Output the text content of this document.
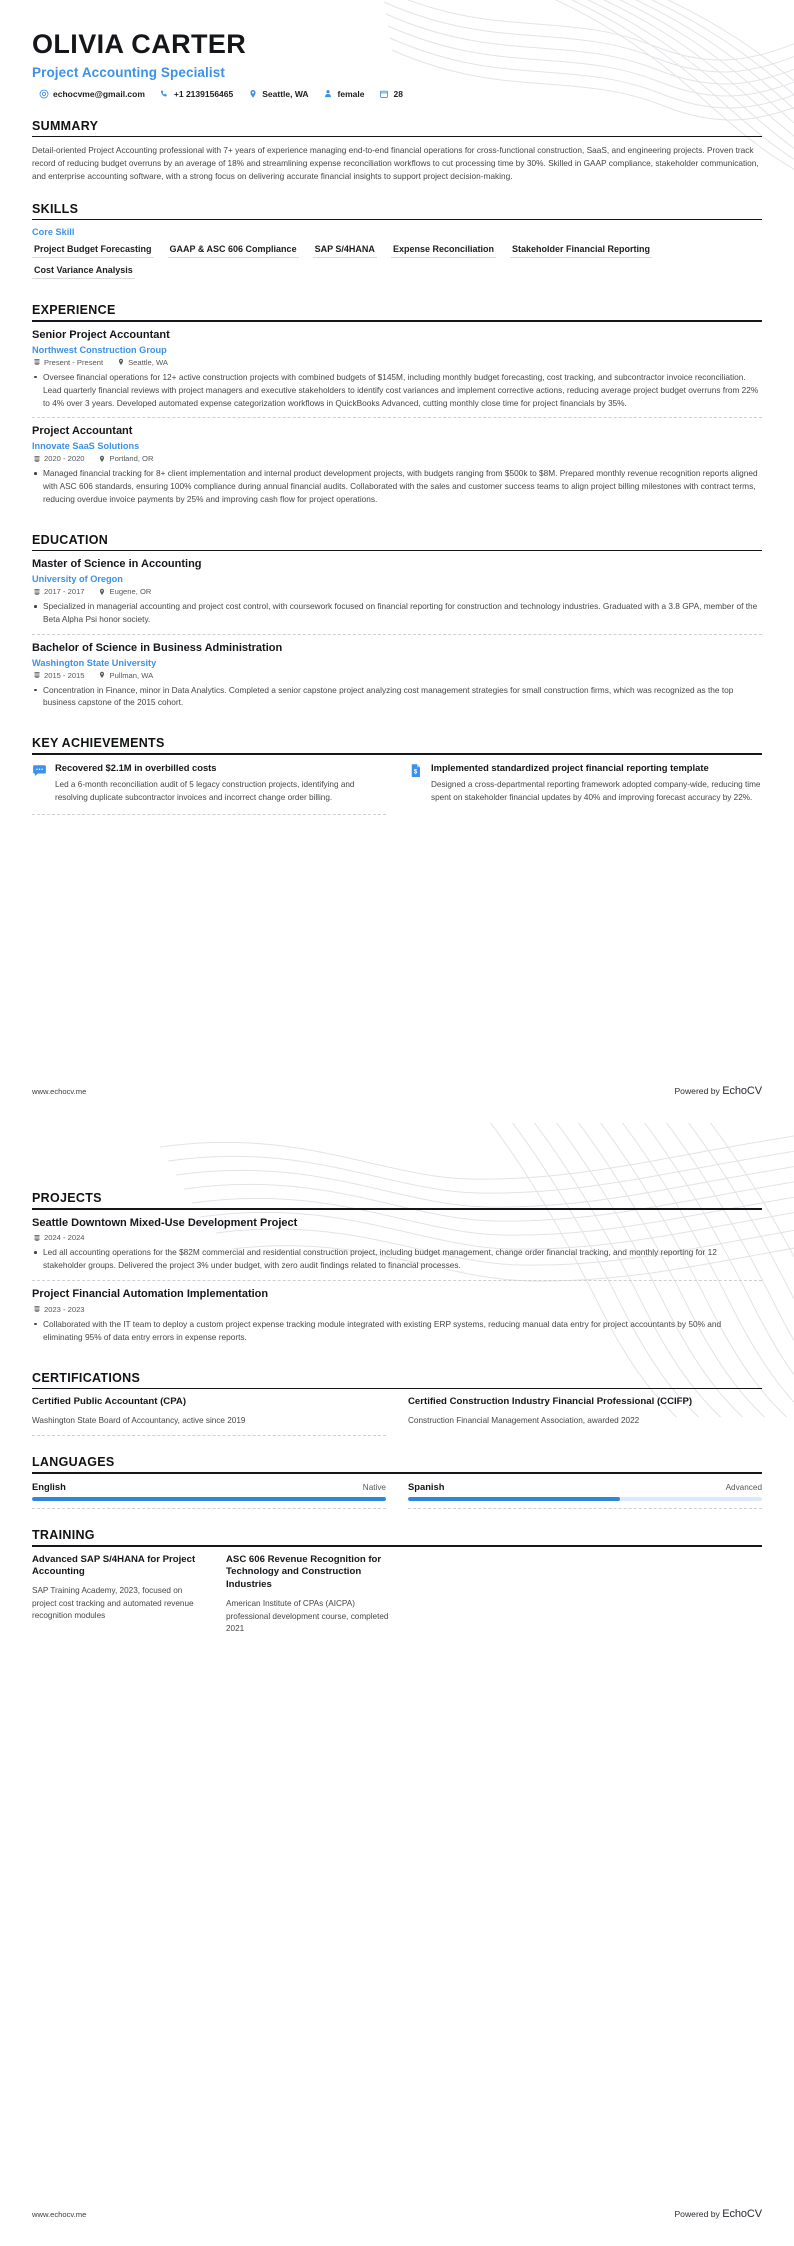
OLIVIA CARTER
Project Accounting Specialist
echocvme@gmail.com	+1 2139156465	Seattle, WA	female	28
SUMMARY
Detail-oriented Project Accounting professional with 7+ years of experience managing end-to-end financial operations for cross-functional construction, SaaS, and engineering projects. Proven track record of reducing budget overruns by an average of 18% and streamlining expense reconciliation workflows to cut processing time by 30%. Skilled in GAAP compliance, stakeholder communication, and enterprise accounting software, with a strong focus on delivering accurate financial insights to support project decision-making.
SKILLS
Core Skill
Project Budget Forecasting GAAP & ASC 606 Compliance SAP S/4HANA Expense Reconciliation Stakeholder Financial Reporting
Cost Variance Analysis
EXPERIENCE
Senior Project Accountant
Northwest Construction Group
Present - Present	Seattle, WA
Oversee financial operations for 12+ active construction projects with combined budgets of $145M, including monthly budget forecasting, cost tracking, and subcontractor invoice reconciliation. Lead quarterly financial reviews with project managers and executive stakeholders to identify cost variances and implement corrective actions, reducing average project budget overruns from 22% to 4% over 3 years. Developed automated expense categorization workflows in QuickBooks Advanced, cutting monthly close time for project financials by 35%.
Project Accountant
Innovate SaaS Solutions
2020 - 2020	Portland, OR
Managed financial tracking for 8+ client implementation and internal product development projects, with budgets ranging from $500k to $8M. Prepared monthly revenue recognition reports aligned with ASC 606 standards, ensuring 100% compliance during annual financial audits. Collaborated with the sales and customer success teams to align project billing milestones with contract terms, reducing overdue invoice payments by 25% and improving cash flow for project operations.
EDUCATION
Master of Science in Accounting
University of Oregon
2017 - 2017	Eugene, OR
Specialized in managerial accounting and project cost control, with coursework focused on financial reporting for construction and technology industries. Graduated with a 3.8 GPA, member of the Beta Alpha Psi honor society.
Bachelor of Science in Business Administration
Washington State University
2015 - 2015	Pullman, WA
Concentration in Finance, minor in Data Analytics. Completed a senior capstone project analyzing cost management strategies for small construction firms, which was recognized as the top business capstone of the 2015 cohort.
KEY ACHIEVEMENTS
Recovered $2.1M in overbilled costs
Led a 6-month reconciliation audit of 5 legacy construction projects, identifying and resolving duplicate subcontractor invoices and incorrect change order billing.
$ Implemented standardized project financial reporting template
Designed a cross-departmental reporting framework adopted company-wide, reducing time spent on stakeholder financial updates by 40% and improving forecast accuracy by 22%.
www.echocv.me	Powered by EchoCV
PROJECTS
Seattle Downtown Mixed-Use Development Project
2024 - 2024
Led all accounting operations for the $82M commercial and residential construction project, including budget management, change order financial tracking, and monthly reporting for 12 stakeholder groups. Delivered the project 3% under budget, with zero audit findings related to financial processes.
Project Financial Automation Implementation
2023 - 2023
Collaborated with the IT team to deploy a custom project expense tracking module integrated with existing ERP systems, reducing manual data entry for project accountants by 50% and eliminating 95% of data entry errors in expense reports.
CERTIFICATIONS
Certified Public Accountant (CPA)
Washington State Board of Accountancy, active since 2019
Certified Construction Industry Financial Professional (CCIFP)
Construction Financial Management Association, awarded 2022
LANGUAGES
English	Native Spanish	Advanced
TRAINING
Advanced SAP S/4HANA for Project Accounting
SAP Training Academy, 2023, focused on project cost tracking and automated revenue recognition modules
ASC 606 Revenue Recognition for Technology and Construction Industries
American Institute of CPAs (AICPA) professional development course, completed 2021
www.echocv.me	Powered by EchoCV
